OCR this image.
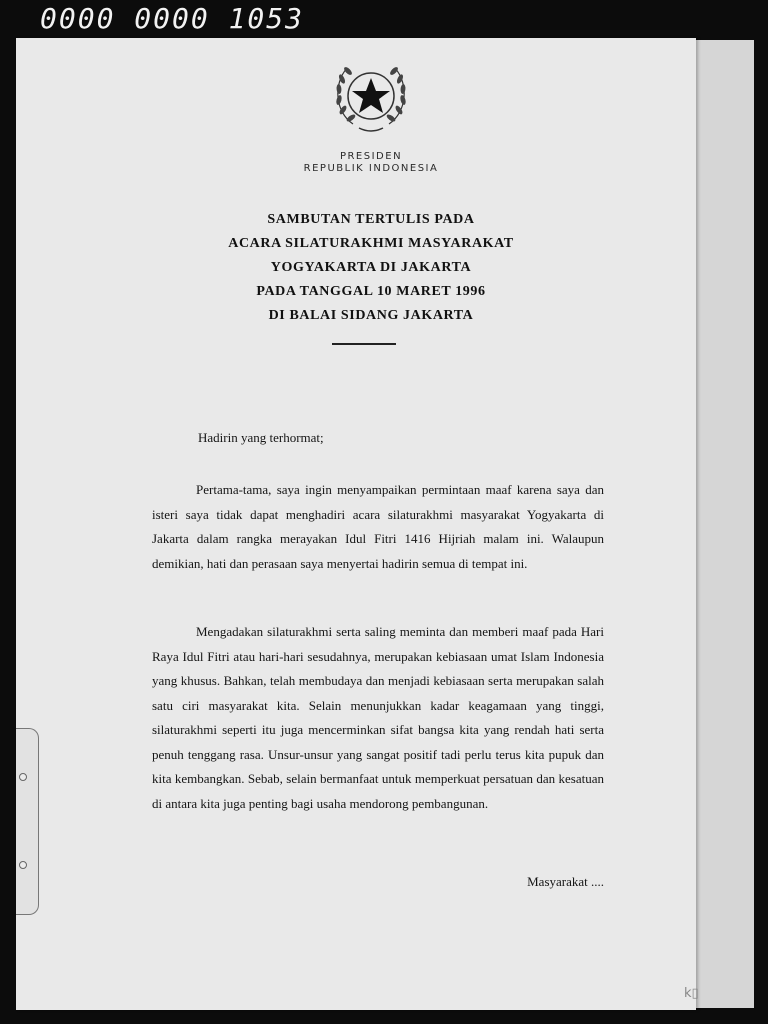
0000 0000 1053
PRESIDEN
REPUBLIK INDONESIA
SAMBUTAN TERTULIS PADA
ACARA SILATURAKHMI MASYARAKAT
YOGYAKARTA DI JAKARTA
PADA TANGGAL 10 MARET 1996
DI BALAI SIDANG JAKARTA
Hadirin yang terhormat;

Pertama-tama, saya ingin menyampaikan permintaan maaf karena saya dan isteri saya tidak dapat menghadiri acara silaturakhmi masyarakat Yogyakarta di Jakarta dalam rangka merayakan Idul Fitri 1416 Hijriah malam ini. Walaupun demikian, hati dan perasaan saya menyertai hadirin semua di tempat ini.

Mengadakan silaturakhmi serta saling meminta dan memberi maaf pada Hari Raya Idul Fitri atau hari-hari sesudahnya, merupakan kebiasaan umat Islam Indonesia yang khusus. Bahkan, telah membudaya dan menjadi kebiasaan serta merupakan salah satu ciri masyarakat kita. Selain menunjukkan kadar keagamaan yang tinggi, silaturakhmi seperti itu juga mencerminkan sifat bangsa kita yang rendah hati serta penuh tenggang rasa. Unsur-unsur yang sangat positif tadi perlu terus kita pupuk dan kita kembangkan. Sebab, selain bermanfaat untuk memperkuat persatuan dan kesatuan di antara kita juga penting bagi usaha mendorong pembangunan.

Masyarakat ....
k▯
